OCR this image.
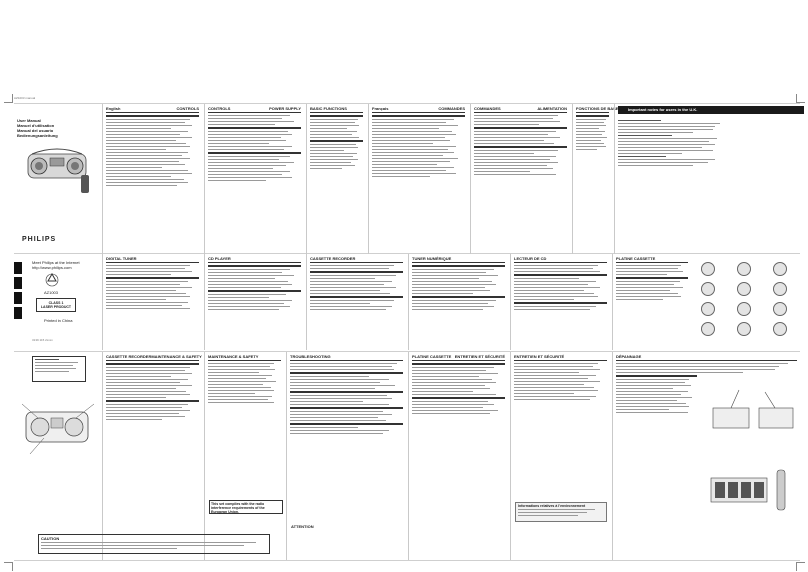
AZ1003 manual
User Manual
Manuel d'utilisation
Manual del usuario
Bedienungsanleitung
PHILIPS
English	CONTROLS CONTROLS	POWER SUPPLY BASIC FUNCTIONS	Français	COMMANDES COMMANDES	ALIMENTATION FONCTIONS DE BASE	Important notes for users in the U.K.
Meet Philips at the Internet
http://www.philips.com
AZ1003
CLASS 1
LASER PRODUCT
Printed in China
3139 115 2xxxx
DIGITAL TUNER	CD PLAYER	CASSETTE RECORDER	TUNER NUMÉRIQUE	LECTEUR DE CD	PLATINE CASSETTE
CASSETTE RECORDER MAINTENANCE & SAFETY MAINTENANCE & SAFETY
This set complies with the radio interference requirements of the European Union.
TROUBLESHOOTING
ATTENTION
PLATINE CASSETTE ENTRETIEN ET SÉCURITÉ ENTRETIEN ET SÉCURITÉ
Informations relatives à l'environnement
DÉPANNAGE
CAUTION
